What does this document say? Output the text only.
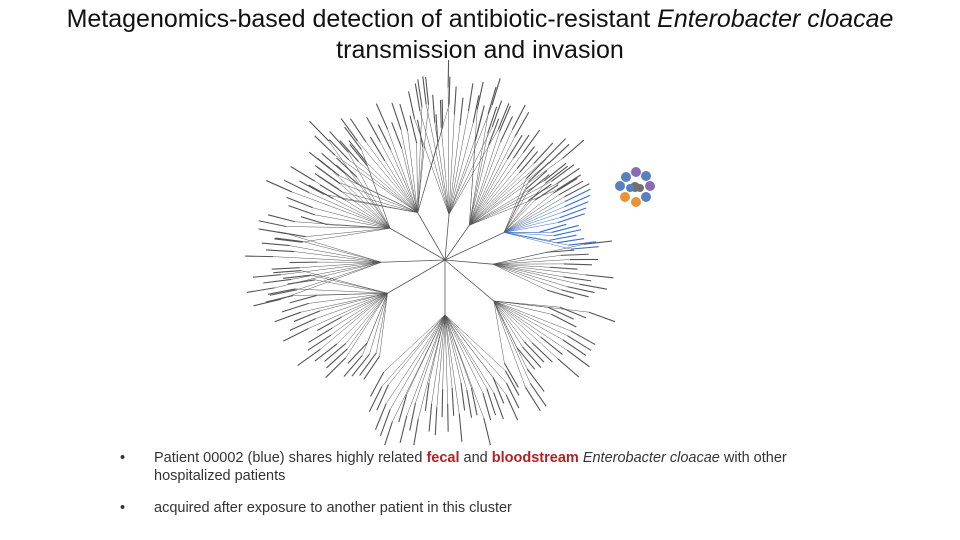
Metagenomics-based detection of antibiotic-resistant Enterobacter cloacae transmission and invasion
•	Patient 00002 (blue) shares highly related fecal and bloodstream Enterobacter cloacae with other hospitalized patients
•	acquired after exposure to another patient in this cluster
